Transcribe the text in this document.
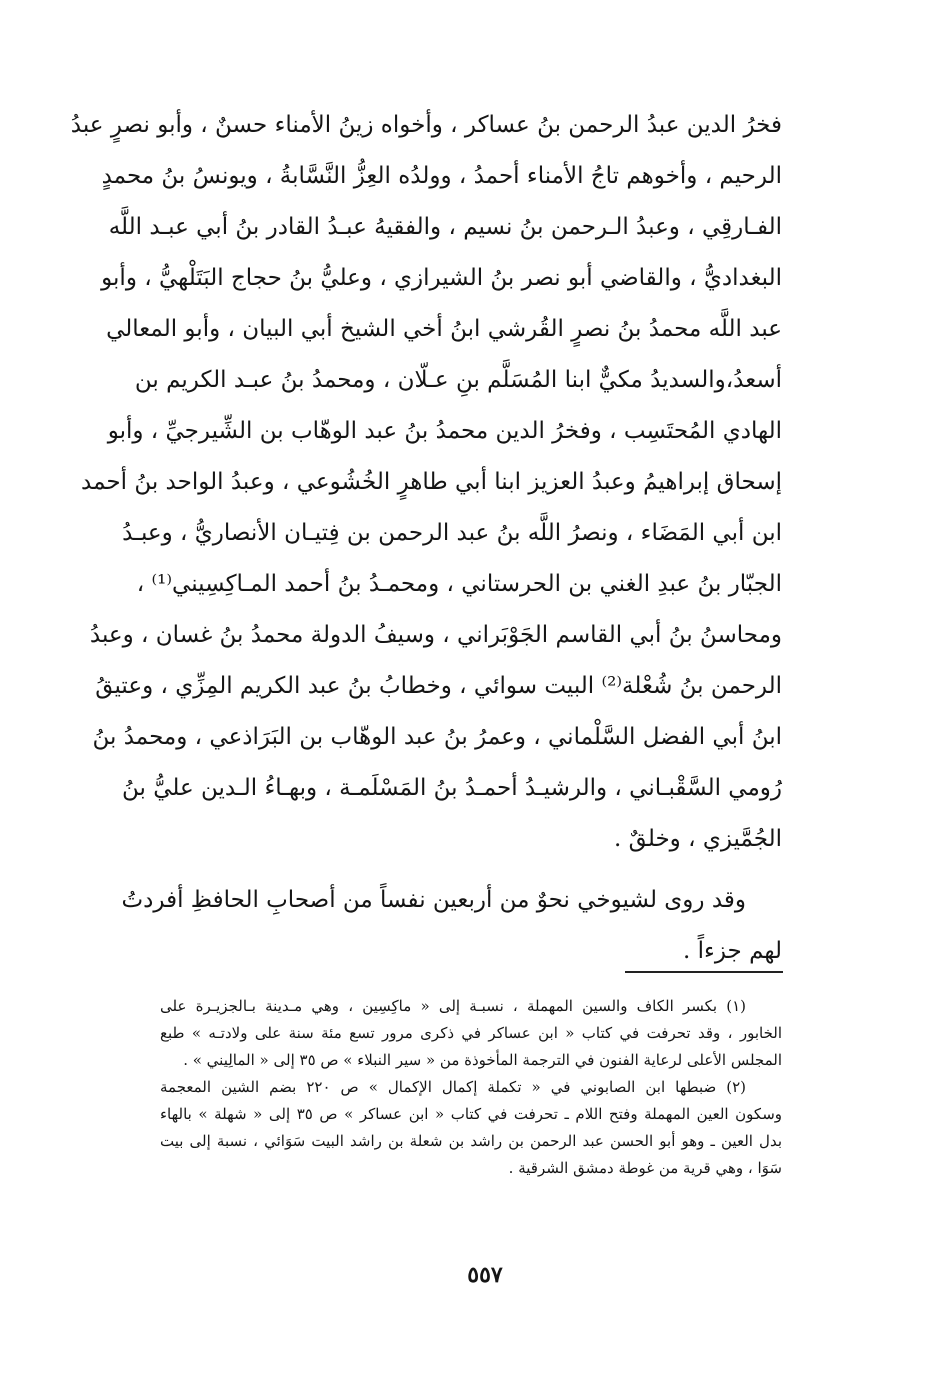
فخرُ الدين عبدُ الرحمن بنُ عساكر ، وأخواه زينُ الأمناء حسنٌ ، وأبو نصرٍ عبدُ
الرحيم ، وأخوهم تاجُ الأمناء أحمدُ ، وولدُه العِزُّ النَّسَّابةُ ، ويونسُ بنُ محمدٍ
الفـارقِي ، وعبدُ الـرحمن بنُ نسيم ، والفقيهُ عبـدُ القادر بنُ أبي عبـد اللَّه
البغداديُّ ، والقاضي أبو نصر بنُ الشيرازي ، وعليُّ بنُ حجاج البَتَلْهيُّ ، وأبو
عبد اللَّه محمدُ بنُ نصرٍ القُرشي ابنُ أخي الشيخ أبي البيان ، وأبو المعالي
أسعدُ،والسديدُ مكيٌّ ابنا المُسَلَّم بنِ عـلّان ، ومحمدُ بنُ عبـد الكريم بن
الهادي المُحتَسِب ، وفخرُ الدين محمدُ بنُ عبد الوهّاب بن الشِّيرجيِّ ، وأبو
إسحاق إبراهيمُ وعبدُ العزيز ابنا أبي طاهرٍ الخُشُوعي ، وعبدُ الواحد بنُ أحمد
ابن أبي المَضَاء ، ونصرُ اللَّه بنُ عبد الرحمن بن فِتيـان الأنصاريُّ ، وعبـدُ
الجبّار بنُ عبدِ الغني بن الحرستاني ، ومحمـدُ بنُ أحمد المـاكِسِيني⁽¹⁾ ،
ومحاسنُ بنُ أبي القاسم الجَوْبَراني ، وسيفُ الدولة محمدُ بنُ غسان ، وعبدُ
الرحمن بنُ شُعْلة⁽²⁾ البيت سوائي ، وخطابُ بنُ عبد الكريم المِزِّي ، وعتيقُ
ابنُ أبي الفضل السَّلْماني ، وعمرُ بنُ عبد الوهّاب بن البَرَاذعي ، ومحمدُ بنُ
رُومي السَّقْبـاني ، والرشيـدُ أحمـدُ بنُ المَسْلَمـة ، وبهـاءُ الـدين عليُّ بنُ
الجُمَّيزي ، وخلقٌ .
وقد روى لشيوخي نحوٌ من أربعين نفساً من أصحابِ الحافظِ أفردتُ
لهم جزءاً .
(١) بكسر الكاف والسين المهملة ، نسبـة إلى « ماكِسِين ، وهي مـدينة بـالجزيـرة على
الخابور ، وقد تحرفت في كتاب « ابن عساكر في ذكرى مرور تسع مئة سنة على ولادتـه » طبع
المجلس الأعلى لرعاية الفنون في الترجمة المأخوذة من « سير النبلاء » ص ٣٥ إلى « المالِيني » .
(٢) ضبطها ابن الصابوني في « تكملة إكمال الإكمال » ص ٢٢٠ بضم الشين المعجمة
وسكون العين المهملة وفتح اللام ـ تحرفت في كتاب « ابن عساكر » ص ٣٥ إلى « شهلة » بالهاء
بدل العين ـ وهو أبو الحسن عبد الرحمن بن راشد بن شعلة بن راشد البيت سَوَائي ، نسبة إلى بيت
سَوَا ، وهي قرية من غوطة دمشق الشرقية .
٥٥٧
